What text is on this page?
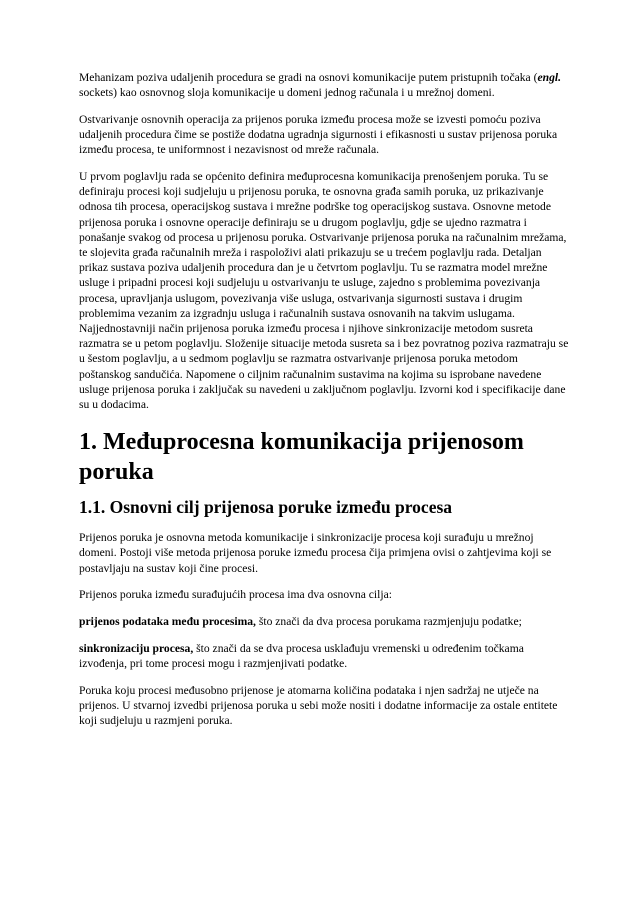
Mehanizam poziva udaljenih procedura se gradi na osnovi komunikacije putem pristupnih točaka (engl. sockets) kao osnovnog sloja komunikacije u domeni jednog računala i u mrežnoj domeni.

Ostvarivanje osnovnih operacija za prijenos poruka između procesa može se izvesti pomoću poziva udaljenih procedura čime se postiže dodatna ugradnja sigurnosti i efikasnosti u sustav prijenosa poruka između procesa, te uniformnost i nezavisnost od mreže računala.

U prvom poglavlju rada se općenito definira međuprocesna komunikacija prenošenjem poruka. Tu se definiraju procesi koji sudjeluju u prijenosu poruka, te osnovna građa samih poruka, uz prikazivanje odnosa tih procesa, operacijskog sustava i mrežne podrške tog operacijskog sustava. Osnovne metode prijenosa poruka i osnovne operacije definiraju se u drugom poglavlju, gdje se ujedno razmatra i ponašanje svakog od procesa u prijenosu poruka. Ostvarivanje prijenosa poruka na računalnim mrežama, te slojevita građa računalnih mreža i raspoloživi alati prikazuju se u trećem poglavlju rada. Detaljan prikaz sustava poziva udaljenih procedura dan je u četvrtom poglavlju. Tu se razmatra model mrežne usluge i pripadni procesi koji sudjeluju u ostvarivanju te usluge, zajedno s problemima povezivanja procesa, upravljanja uslugom, povezivanja više usluga, ostvarivanja sigurnosti sustava i drugim problemima vezanim za izgradnju usluga i računalnih sustava osnovanih na takvim uslugama. Najjednostavniji način prijenosa poruka između procesa i njihove sinkronizacije metodom susreta razmatra se u petom poglavlju. Složenije situacije metoda susreta sa i bez povratnog poziva razmatraju se u šestom poglavlju, a u sedmom poglavlju se razmatra ostvarivanje prijenosa poruka metodom poštanskog sandučića. Napomene o ciljnim računalnim sustavima na kojima su isprobane navedene usluge prijenosa poruka i zaključak su navedeni u zaključnom poglavlju. Izvorni kod i specifikacije dane su u dodacima.

1. Međuprocesna komunikacija prijenosom poruka
1.1. Osnovni cilj prijenosa poruke između procesa

Prijenos poruka je osnovna metoda komunikacije i sinkronizacije procesa koji surađuju u mrežnoj domeni. Postoji više metoda prijenosa poruke između procesa čija primjena ovisi o zahtjevima koji se postavljaju na sustav koji čine procesi.

Prijenos poruka između surađujućih procesa ima dva osnovna cilja:

prijenos podataka među procesima, što znači da dva procesa porukama razmjenjuju podatke;

sinkronizaciju procesa, što znači da se dva procesa usklađuju vremenski u određenim točkama izvođenja, pri tome procesi mogu i razmjenjivati podatke.

Poruka koju procesi međusobno prijenose je atomarna količina podataka i njen sadržaj ne utječe na prijenos. U stvarnoj izvedbi prijenosa poruka u sebi može nositi i dodatne informacije za ostale entitete koji sudjeluju u razmjeni poruka.
